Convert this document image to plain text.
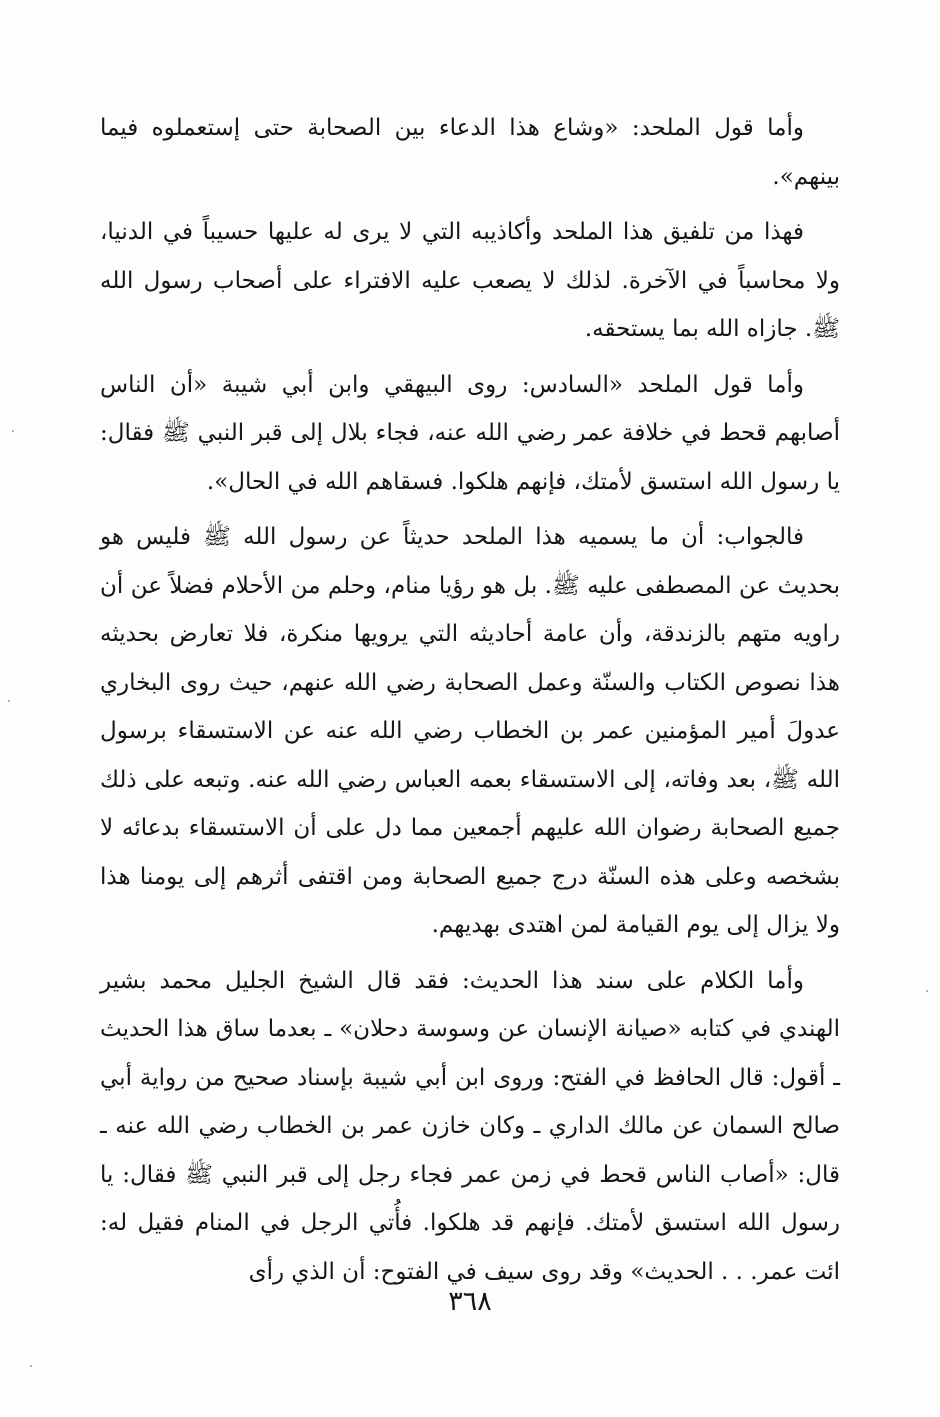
وأما قول الملحد: «وشاع هذا الدعاء بين الصحابة حتى إستعملوه فيما بينهم».

فهذا من تلفيق هذا الملحد وأكاذيبه التي لا يرى له عليها حسيباً في الدنيا، ولا محاسباً في الآخرة. لذلك لا يصعب عليه الافتراء على أصحاب رسول الله ﷺ. جازاه الله بما يستحقه.

وأما قول الملحد «السادس: روى البيهقي وابن أبي شيبة «أن الناس أصابهم قحط في خلافة عمر رضي الله عنه، فجاء بلال إلى قبر النبي ﷺ فقال: يا رسول الله استسق لأمتك، فإنهم هلكوا. فسقاهم الله في الحال».

فالجواب: أن ما يسميه هذا الملحد حديثاً عن رسول الله ﷺ فليس هو بحديث عن المصطفى عليه ﷺ. بل هو رؤيا منام، وحلم من الأحلام فضلاً عن أن راويه متهم بالزندقة، وأن عامة أحاديثه التي يرويها منكرة، فلا تعارض بحديثه هذا نصوص الكتاب والسنّة وعمل الصحابة رضي الله عنهم، حيث روى البخاري عدولَ أمير المؤمنين عمر بن الخطاب رضي الله عنه عن الاستسقاء برسول الله ﷺ، بعد وفاته، إلى الاستسقاء بعمه العباس رضي الله عنه. وتبعه على ذلك جميع الصحابة رضوان الله عليهم أجمعين مما دل على أن الاستسقاء بدعائه لا بشخصه وعلى هذه السنّة درج جميع الصحابة ومن اقتفى أثرهم إلى يومنا هذا ولا يزال إلى يوم القيامة لمن اهتدى بهديهم.

وأما الكلام على سند هذا الحديث: فقد قال الشيخ الجليل محمد بشير الهندي في كتابه «صيانة الإنسان عن وسوسة دحلان» ـ بعدما ساق هذا الحديث ـ أقول: قال الحافظ في الفتح: وروى ابن أبي شيبة بإسناد صحيح من رواية أبي صالح السمان عن مالك الداري ـ وكان خازن عمر بن الخطاب رضي الله عنه ـ قال: «أصاب الناس قحط في زمن عمر فجاء رجل إلى قبر النبي ﷺ فقال: يا رسول الله استسق لأمتك. فإنهم قد هلكوا. فأُتي الرجل في المنام فقيل له: ائت عمر. . . الحديث» وقد روى سيف في الفتوح: أن الذي رأى

٣٦٨
